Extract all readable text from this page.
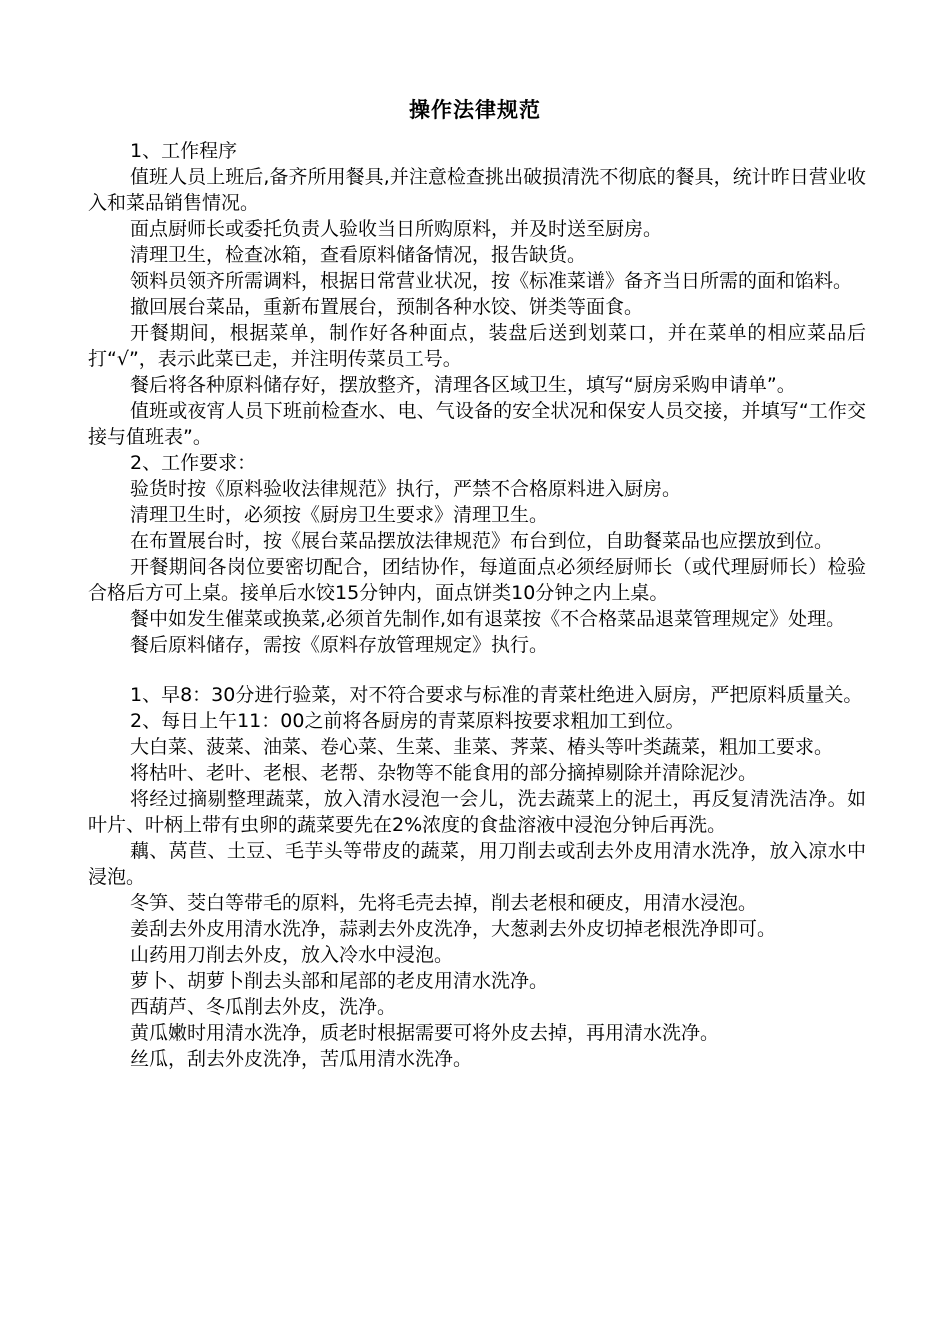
操作法律规范

1、工作程序

值班人员上班后,备齐所用餐具,并注意检查挑出破损清洗不彻底的餐具，统计昨日营业收入和菜品销售情况。

面点厨师长或委托负责人验收当日所购原料，并及时送至厨房。

清理卫生，检查冰箱，查看原料储备情况，报告缺货。

领料员领齐所需调料，根据日常营业状况，按《标准菜谱》备齐当日所需的面和馅料。

撤回展台菜品，重新布置展台，预制各种水饺、饼类等面食。

开餐期间，根据菜单，制作好各种面点，装盘后送到划菜口，并在菜单的相应菜品后打“√”，表示此菜已走，并注明传菜员工号。

餐后将各种原料储存好，摆放整齐，清理各区域卫生，填写“厨房采购申请单”。

值班或夜宵人员下班前检查水、电、气设备的安全状况和保安人员交接，并填写“工作交接与值班表”。

2、工作要求：

验货时按《原料验收法律规范》执行，严禁不合格原料进入厨房。

清理卫生时，必须按《厨房卫生要求》清理卫生。

在布置展台时，按《展台菜品摆放法律规范》布台到位，自助餐菜品也应摆放到位。

开餐期间各岗位要密切配合，团结协作，每道面点必须经厨师长（或代理厨师长）检验合格后方可上桌。接单后水饺15分钟内，面点饼类10分钟之内上桌。

餐中如发生催菜或换菜,必须首先制作,如有退菜按《不合格菜品退菜管理规定》处理。

餐后原料储存，需按《原料存放管理规定》执行。

1、早8：30分进行验菜，对不符合要求与标准的青菜杜绝进入厨房，严把原料质量关。

2、每日上午11：00之前将各厨房的青菜原料按要求粗加工到位。

大白菜、菠菜、油菜、卷心菜、生菜、韭菜、荠菜、椿头等叶类蔬菜，粗加工要求。

将枯叶、老叶、老根、老帮、杂物等不能食用的部分摘掉剔除并清除泥沙。

将经过摘剔整理蔬菜，放入清水浸泡一会儿，洗去蔬菜上的泥土，再反复清洗洁净。如叶片、叶柄上带有虫卵的蔬菜要先在2%浓度的食盐溶液中浸泡分钟后再洗。

藕、莴苣、土豆、毛芋头等带皮的蔬菜，用刀削去或刮去外皮用清水洗净，放入凉水中浸泡。

冬笋、茭白等带毛的原料，先将毛壳去掉，削去老根和硬皮，用清水浸泡。

姜刮去外皮用清水洗净，蒜剥去外皮洗净，大葱剥去外皮切掉老根洗净即可。

山药用刀削去外皮，放入冷水中浸泡。

萝卜、胡萝卜削去头部和尾部的老皮用清水洗净。

西葫芦、冬瓜削去外皮，洗净。

黄瓜嫩时用清水洗净，质老时根据需要可将外皮去掉，再用清水洗净。

丝瓜，刮去外皮洗净，苦瓜用清水洗净。
